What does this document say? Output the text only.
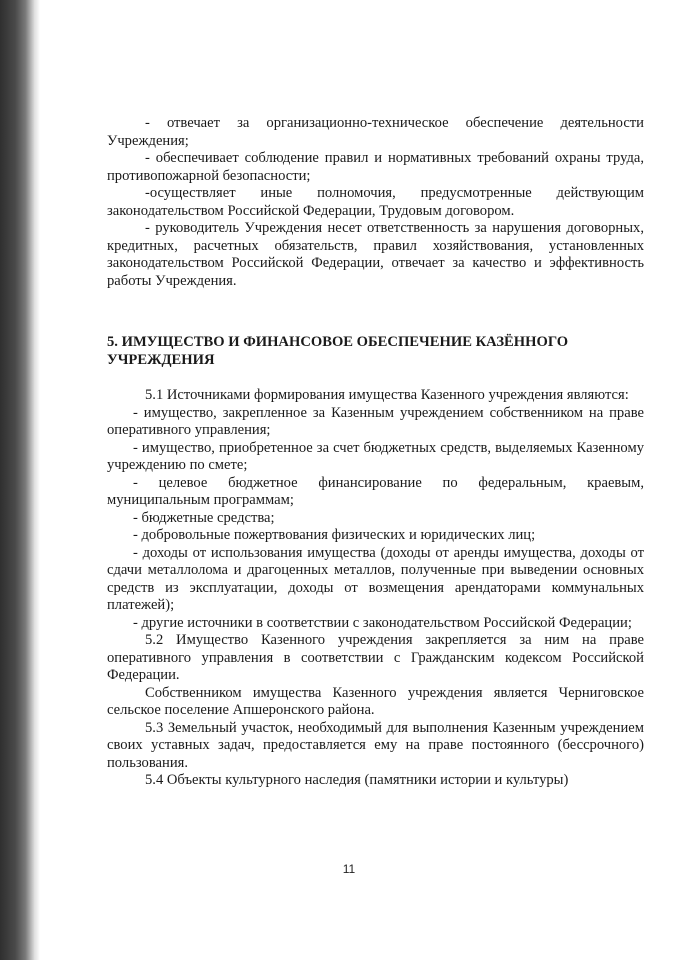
- отвечает за организационно-техническое обеспечение деятельности Учреждения;

- обеспечивает соблюдение правил и нормативных требований охраны труда, противопожарной безопасности;

-осуществляет иные полномочия, предусмотренные действующим законодательством Российской Федерации, Трудовым договором.

- руководитель Учреждения несет ответственность за нарушения договорных, кредитных, расчетных обязательств, правил хозяйствования, установленных законодательством Российской Федерации, отвечает за качество и эффективность работы Учреждения.

5. ИМУЩЕСТВО И ФИНАНСОВОЕ ОБЕСПЕЧЕНИЕ КАЗЁННОГО

УЧРЕЖДЕНИЯ

5.1 Источниками формирования имущества Казенного учреждения являются:

- имущество, закрепленное за Казенным учреждением собственником на праве оперативного управления;

- имущество, приобретенное за счет бюджетных средств, выделяемых Казенному учреждению по смете;

- целевое бюджетное финансирование по федеральным, краевым, муниципальным программам;

- бюджетные средства;

- добровольные пожертвования физических и юридических лиц;

- доходы от использования имущества (доходы от аренды имущества, доходы от сдачи металлолома и драгоценных металлов, полученные при выведении основных средств из эксплуатации, доходы от возмещения арендаторами коммунальных платежей);

- другие источники в соответствии с законодательством Российской Федерации;

5.2 Имущество Казенного учреждения закрепляется за ним на праве оперативного управления в соответствии с Гражданским кодексом Российской Федерации.

Собственником имущества Казенного учреждения является Черниговское сельское поселение Апшеронского района.

5.3 Земельный участок, необходимый для выполнения Казенным учреждением своих уставных задач, предоставляется ему на праве постоянного (бессрочного) пользования.

5.4 Объекты культурного наследия (памятники истории и культуры)

11
